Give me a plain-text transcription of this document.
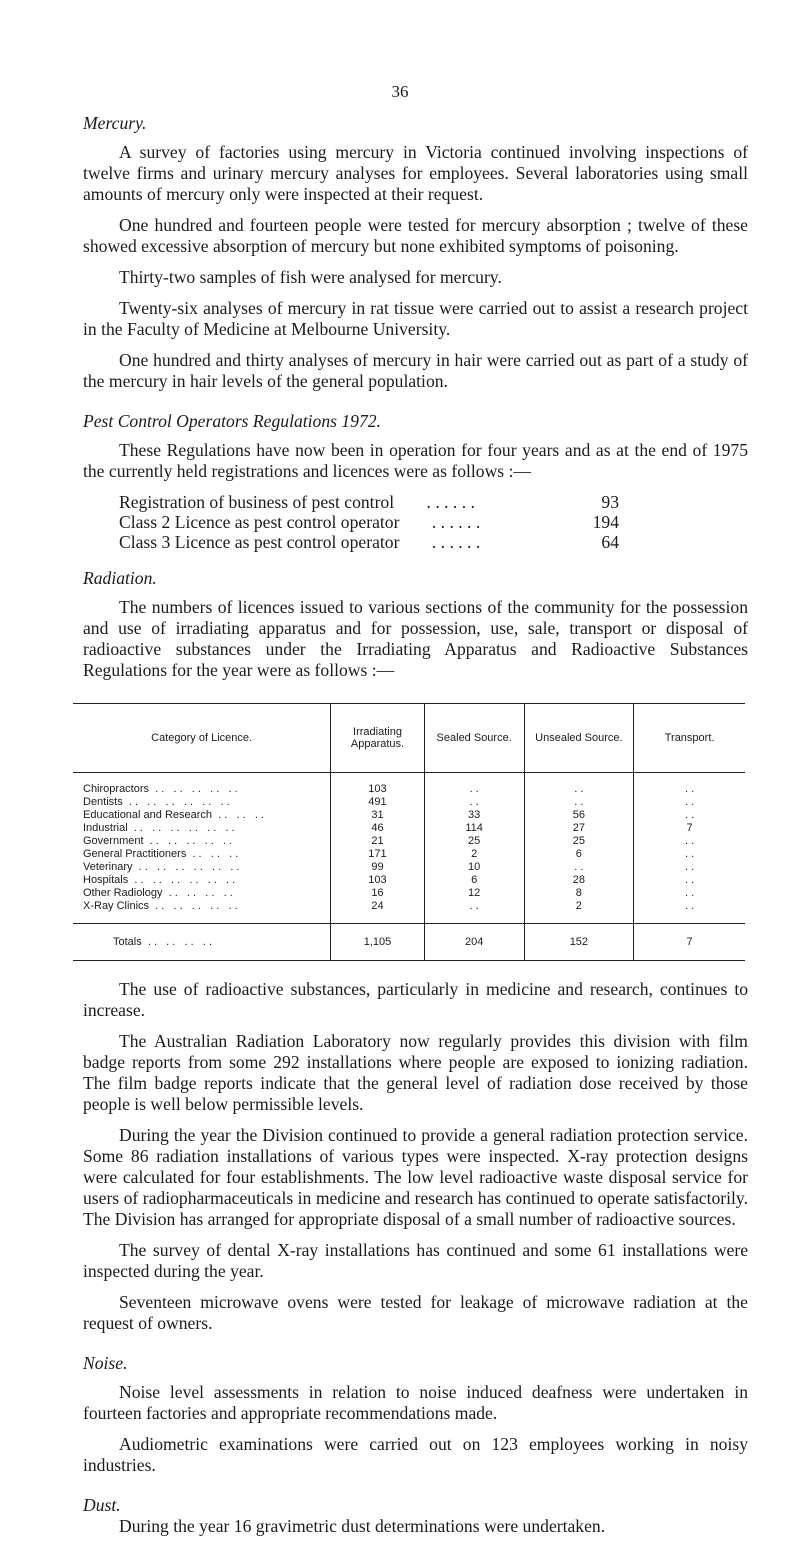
36
Mercury.

A survey of factories using mercury in Victoria continued involving inspections of twelve firms and urinary mercury analyses for employees. Several laboratories using small amounts of mercury only were inspected at their request.

One hundred and fourteen people were tested for mercury absorption ; twelve of these showed excessive absorption of mercury but none exhibited symptoms of poisoning.

Thirty-two samples of fish were analysed for mercury.

Twenty-six analyses of mercury in rat tissue were carried out to assist a research project in the Faculty of Medicine at Melbourne University.

One hundred and thirty analyses of mercury in hair were carried out as part of a study of the mercury in hair levels of the general population.

Pest Control Operators Regulations 1972.

These Regulations have now been in operation for four years and as at the end of 1975 the currently held registrations and licences were as follows :—

Registration of business of pest control . . . . . .	93
Class 2 Licence as pest control operator . . . . . .	194
Class 3 Licence as pest control operator . . . . . .	64
Radiation.

The numbers of licences issued to various sections of the community for the possession and use of irradiating apparatus and for possession, use, sale, transport or disposal of radioactive substances under the Irradiating Apparatus and Radioactive Substances Regulations for the year were as follows :—

Category of Licence.	Irradiating Apparatus.	Sealed Source.	Unsealed Source.	Transport.
Chiropractors  . .   . .   . .   . .   . .	103	. .	. .	. .
Dentists  . .   . .   . .   . .   . .   . .	491	. .	. .	. .
Educational and Research  . .   . .   . .	31	33	56	. .
Industrial  . .   . .   . .   . .   . .   . .	46	114	27	7
Government  . .   . .   . .   . .   . .	21	25	25	. .
General Practitioners  . .   . .   . .	171	2	6	. .
Veterinary  . .   . .   . .   . .   . .   . .	99	10	. .	. .
Hospitals  . .   . .   . .   . .   . .   . .	103	6	28	. .
Other Radiology  . .   . .   . .   . .	16	12	8	. .
X-Ray Clinics  . .   . .   . .   . .   . .	24	. .	2	. .
Totals  . .   . .   . .   . .	1,105	204	152	7

The use of radioactive substances, particularly in medicine and research, continues to increase.

The Australian Radiation Laboratory now regularly provides this division with film badge reports from some 292 installations where people are exposed to ionizing radiation. The film badge reports indicate that the general level of radiation dose received by those people is well below permissible levels.

During the year the Division continued to provide a general radiation protection service. Some 86 radiation installations of various types were inspected. X-ray protection designs were calculated for four establishments. The low level radioactive waste disposal service for users of radiopharmaceuticals in medicine and research has continued to operate satisfactorily. The Division has arranged for appropriate disposal of a small number of radioactive sources.

The survey of dental X-ray installations has continued and some 61 installations were inspected during the year.

Seventeen microwave ovens were tested for leakage of microwave radiation at the request of owners.

Noise.

Noise level assessments in relation to noise induced deafness were undertaken in fourteen factories and appropriate recommendations made.

Audiometric examinations were carried out on 123 employees working in noisy industries.

Dust.

During the year 16 gravimetric dust determinations were undertaken.
